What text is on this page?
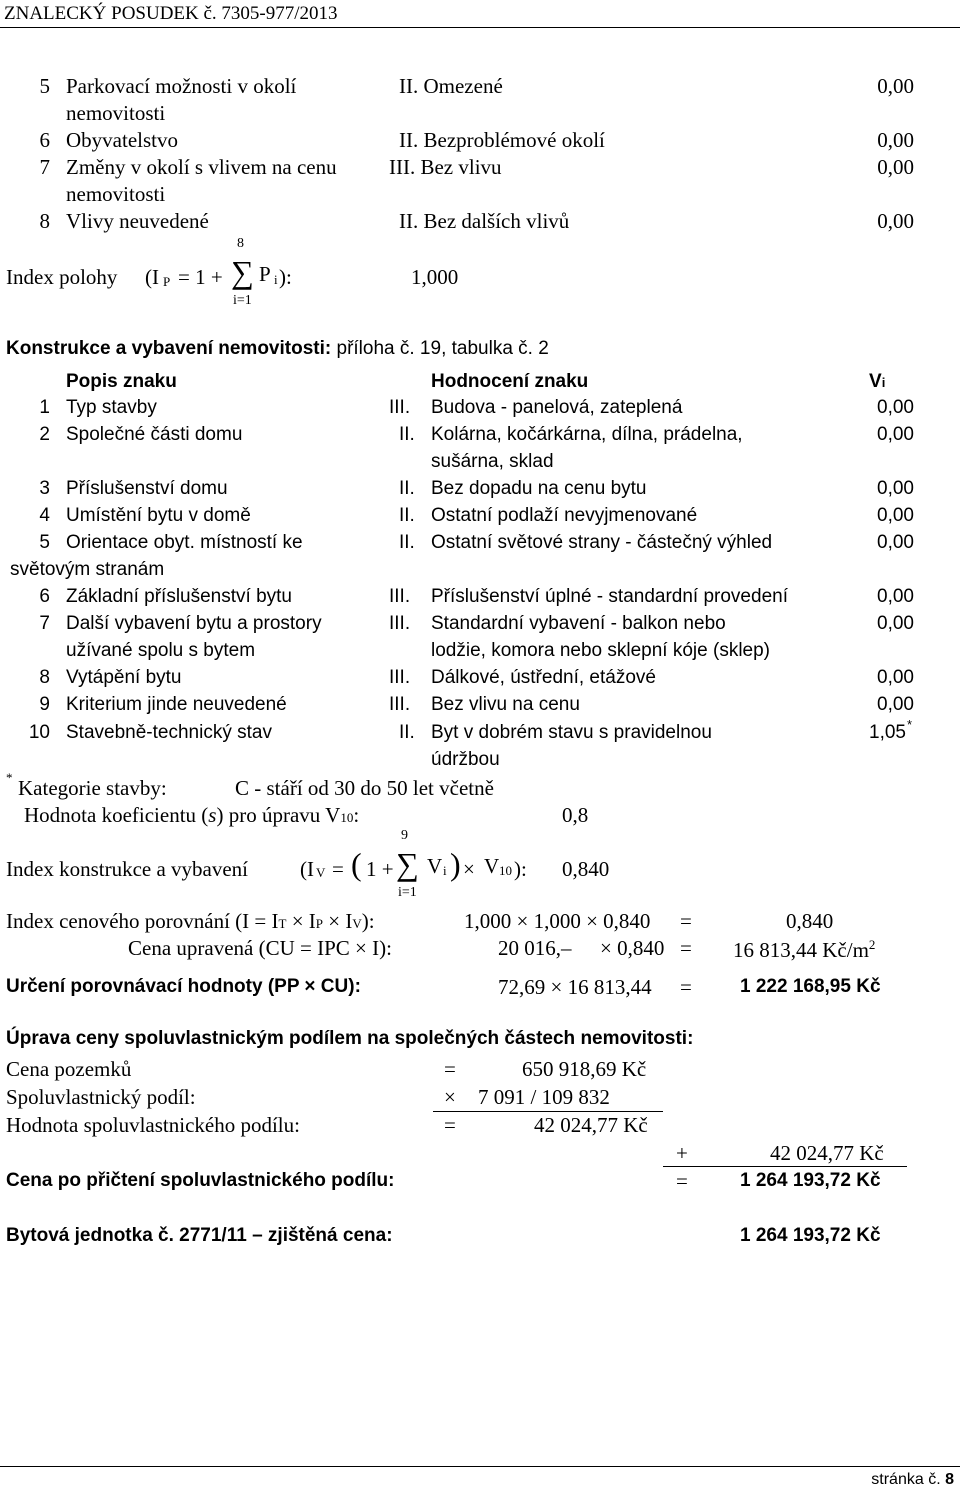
ZNALECKÝ POSUDEK č. 7305-977/2013
5 Parkovací možnosti v okolí
nemovitosti
II. Omezené	0,00
6 Obyvatelstvo	II. Bezproblémové okolí	0,00
7 Změny v okolí s vlivem na cenu
nemovitosti
III. Bez vlivu	0,00
8 Vlivy neuvedené	II. Bez dalších vlivů	0,00
Index polohy (I P = 1 +
8
∑
i=1
P i ):	1,000
Konstrukce a vybavení nemovitosti: příloha č. 19, tabulka č. 2
Popis znaku	Hodnocení znaku	Vi
1 Typ stavby	III. Budova - panelová, zateplená	0,00
2 Společné části domu	II. Kolárna, kočárkárna, dílna, prádelna,
sušárna, sklad
0,00
3 Příslušenství domu	II. Bez dopadu na cenu bytu	0,00
4 Umístění bytu v domě	II. Ostatní podlaží nevyjmenované	0,00
5 Orientace obyt. místností ke
světovým stranám
II. Ostatní světové strany - částečný výhled	0,00
6 Základní příslušenství bytu	III. Příslušenství úplné - standardní provedení	0,00
7 Další vybavení bytu a prostory
užívané spolu s bytem
III. Standardní vybavení - balkon nebo
lodžie, komora nebo sklepní kóje (sklep)
0,00
8 Vytápění bytu	III. Dálkové, ústřední, etážové	0,00
9 Kriterium jinde neuvedené	III. Bez vlivu na cenu	0,00
10 Stavebně-technický stav	II. Byt v dobrém stavu s pravidelnou
údržbou
1,05 *
* Kategorie stavby:	C - stáří od 30 do 50 let včetně
Hodnota koeficientu (s) pro úpravu V10:	0,8
Index konstrukce a vybavení (I V = ( 1 +
9
∑
i=1
V i ) × V 10 ): 0,840
Index cenového porovnání (I = IT × IP × IV):	1,000 × 1,000 × 0,840 =	0,840
Cena upravená (CU = IPC × I):	20 016,– × 0,840 = 16 813,44 $Kč/m^2$
Určení porovnávací hodnoty (PP × CU):	72,69 × 16 813,44 =	1 222 168,95 Kč
Úprava ceny spoluvlastnickým podílem na společných částech nemovitosti:
Cena pozemků	=	650 918,69 Kč
Spoluvlastnický podíl:	× 7 091 / 109 832
Hodnota spoluvlastnického podílu:	=	42 024,77 Kč
+	42 024,77 Kč
Cena po přičtení spoluvlastnického podílu:	=	1 264 193,72 Kč
Bytová jednotka č. 2771/11 – zjištěná cena:	1 264 193,72 Kč
stránka č. 8
